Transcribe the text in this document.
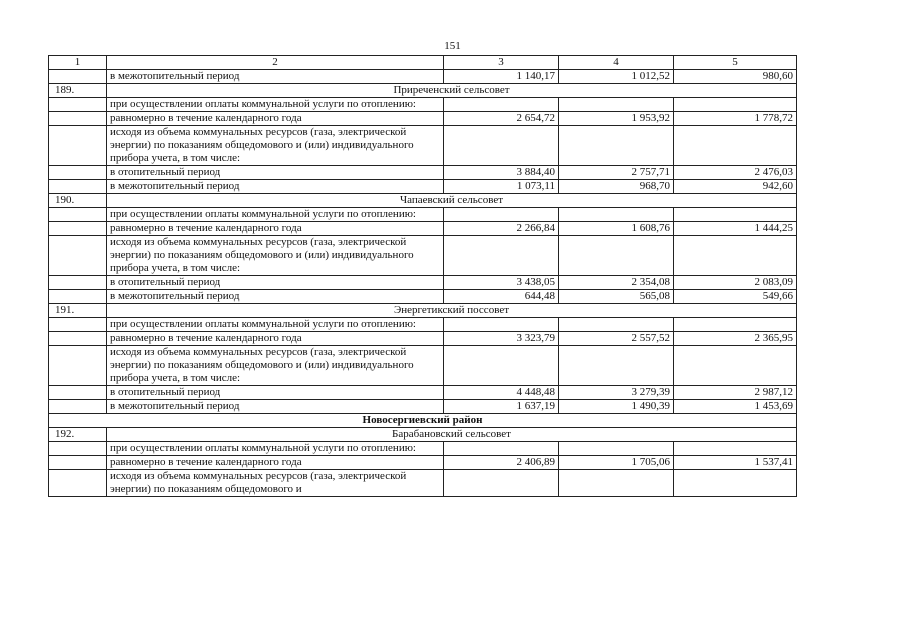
151
1	2	3	4	5
	в межотопительный период	1 140,17	1 012,52	980,60
189.	Приреченский сельсовет			
	при осуществлении оплаты коммунальной услуги по отоплению:			
	равномерно в течение календарного года	2 654,72	1 953,92	1 778,72
	исходя из объема коммунальных ресурсов (газа, электрической энергии) по показаниям общедомового и (или) индивидуального прибора учета, в том числе:			
	в отопительный период	3 884,40	2 757,71	2 476,03
	в межотопительный период	1 073,11	968,70	942,60
190.	Чапаевский сельсовет			
	при осуществлении оплаты коммунальной услуги по отоплению:			
	равномерно в течение календарного года	2 266,84	1 608,76	1 444,25
	исходя из объема коммунальных ресурсов (газа, электрической энергии) по показаниям общедомового и (или) индивидуального прибора учета, в том числе:			
	в отопительный период	3 438,05	2 354,08	2 083,09
	в межотопительный период	644,48	565,08	549,66
191.	Энергетикский поссовет			
	при осуществлении оплаты коммунальной услуги по отоплению:			
	равномерно в течение календарного года	3 323,79	2 557,52	2 365,95
	исходя из объема коммунальных ресурсов (газа, электрической энергии) по показаниям общедомового и (или) индивидуального прибора учета, в том числе:			
	в отопительный период	4 448,48	3 279,39	2 987,12
	в межотопительный период	1 637,19	1 490,39	1 453,69
Новосергиевский район				
192.	Барабановский сельсовет			
	при осуществлении оплаты коммунальной услуги по отоплению:			
	равномерно в течение календарного года	2 406,89	1 705,06	1 537,41
	исходя из объема коммунальных ресурсов (газа, электрической энергии) по показаниям общедомового и			
